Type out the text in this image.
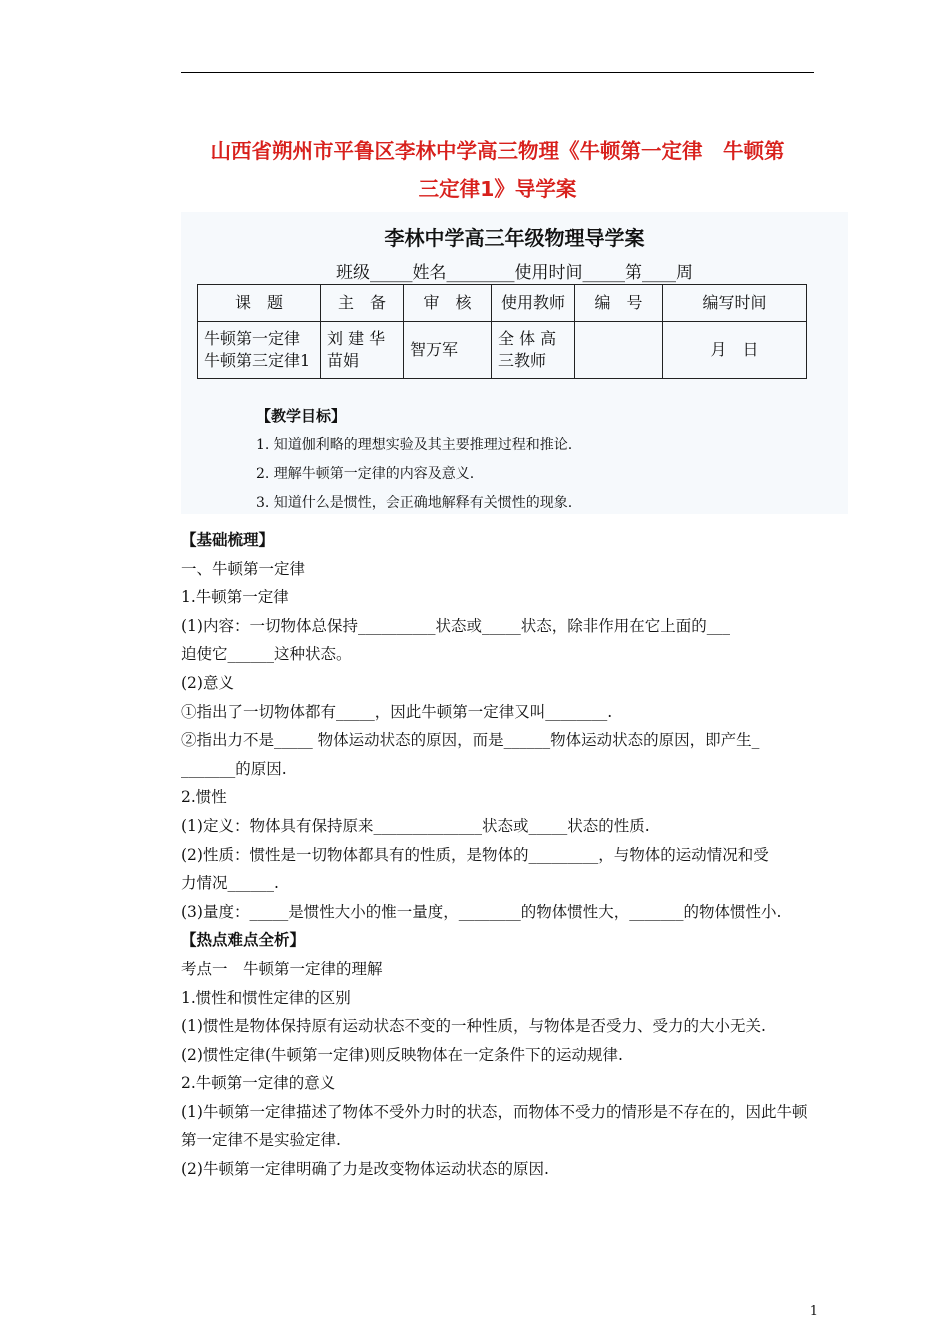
山西省朔州市平鲁区李林中学高三物理《牛顿第一定律　牛顿第
三定律1》导学案
李林中学高三年级物理导学案
班级_____姓名________使用时间_____第____周
课　题	主　备	审　核	使用教师	编　号	编写时间
牛顿第一定律 牛顿第三定律1	刘 建 华 苗娟	智万军	全 体 高 三教师		月　日
【教学目标】
1. 知道伽利略的理想实验及其主要推理过程和推论.
2. 理解牛顿第一定律的内容及意义.
3. 知道什么是惯性，会正确地解释有关惯性的现象.

【基础梳理】

一、牛顿第一定律

1.牛顿第一定律

(1)内容：一切物体总保持__________状态或_____状态，除非作用在它上面的___

迫使它______这种状态。

(2)意义

①指出了一切物体都有_____，因此牛顿第一定律又叫________.

②指出力不是_____ 物体运动状态的原因，而是______物体运动状态的原因，即产生_

_______的原因.

2.惯性

(1)定义：物体具有保持原来______________状态或_____状态的性质.

(2)性质：惯性是一切物体都具有的性质，是物体的_________，与物体的运动情况和受

力情况______.

(3)量度：_____是惯性大小的惟一量度，________的物体惯性大，_______的物体惯性小.

【热点难点全析】

考点一　牛顿第一定律的理解

1.惯性和惯性定律的区别

(1)惯性是物体保持原有运动状态不变的一种性质，与物体是否受力、受力的大小无关.

(2)惯性定律(牛顿第一定律)则反映物体在一定条件下的运动规律.

2.牛顿第一定律的意义

(1)牛顿第一定律描述了物体不受外力时的状态，而物体不受力的情形是不存在的，因此牛顿第一定律不是实验定律.

(2)牛顿第一定律明确了力是改变物体运动状态的原因.

1
